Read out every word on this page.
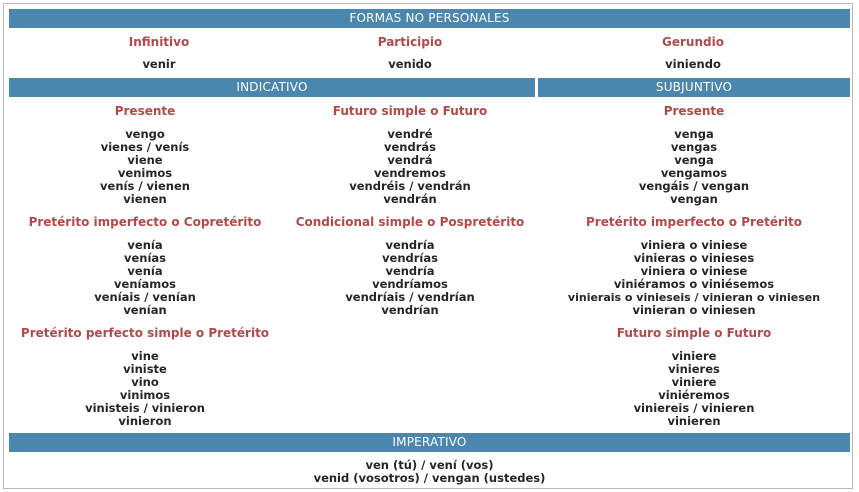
FORMAS NO PERSONALES
Infinitivo
venir
Participio
venido
Gerundio
viniendo
INDICATIVO	SUBJUNTIVO
Presente
vengo
vienes / venís
viene
venimos
venís / vienen
vienen
Futuro simple o Futuro
vendré
vendrás
vendrá
vendremos
vendréis / vendrán
vendrán
Presente
venga
vengas
venga
vengamos
vengáis / vengan
vengan
Pretérito imperfecto o Copretérito
venía
venías
venía
veníamos
veníais / venían
venían
Condicional simple o Pospretérito
vendría
vendrías
vendría
vendríamos
vendríais / vendrían
vendrían
Pretérito imperfecto o Pretérito
viniera o viniese
vinieras o vinieses
viniera o viniese
viniéramos o viniésemos
vinierais o vinieseis / vinieran o viniesen
vinieran o viniesen
Pretérito perfecto simple o Pretérito
vine
viniste
vino
vinimos
vinisteis / vinieron
vinieron
Futuro simple o Futuro
viniere
vinieres
viniere
viniéremos
viniereis / vinieren
vinieren
IMPERATIVO
ven (tú) / vení (vos)
venid (vosotros) / vengan (ustedes)
